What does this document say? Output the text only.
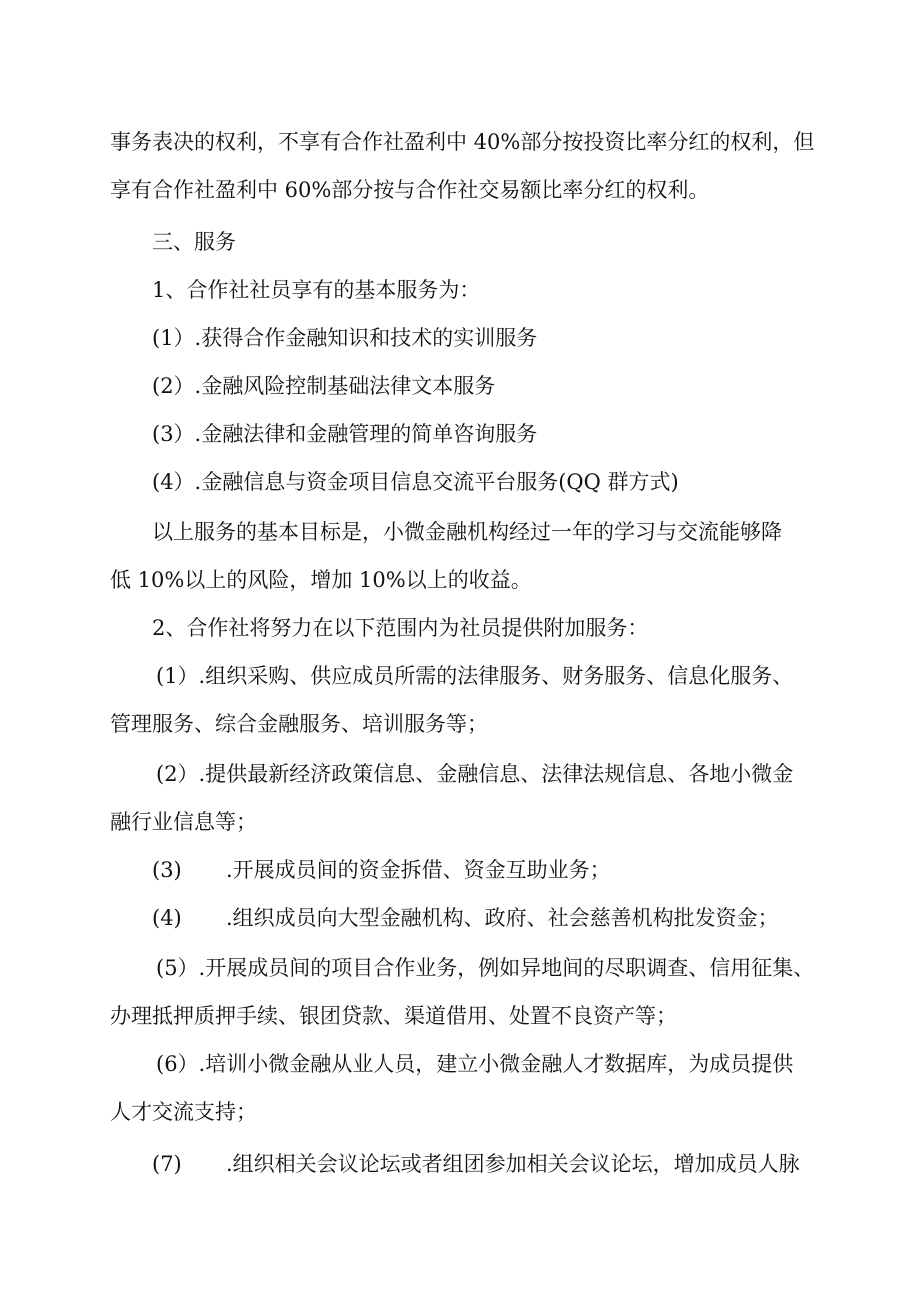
事务表决的权利，不享有合作社盈利中 40%部分按投资比率分红的权利，但
享有合作社盈利中 60%部分按与合作社交易额比率分红的权利。
三、服务
1、合作社社员享有的基本服务为：
(1）.获得合作金融知识和技术的实训服务
(2）.金融风险控制基础法律文本服务
(3）.金融法律和金融管理的简单咨询服务
(4）.金融信息与资金项目信息交流平台服务(QQ 群方式)
以上服务的基本目标是，小微金融机构经过一年的学习与交流能够降
低 10%以上的风险，增加 10%以上的收益。
2、合作社将努力在以下范围内为社员提供附加服务：
(1）.组织采购、供应成员所需的法律服务、财务服务、信息化服务、
管理服务、综合金融服务、培训服务等；
(2）.提供最新经济政策信息、金融信息、法律法规信息、各地小微金
融行业信息等；
(3) .开展成员间的资金拆借、资金互助业务；
(4) .组织成员向大型金融机构、政府、社会慈善机构批发资金；
(5）.开展成员间的项目合作业务，例如异地间的尽职调查、信用征集、
办理抵押质押手续、银团贷款、渠道借用、处置不良资产等；
(6）.培训小微金融从业人员，建立小微金融人才数据库，为成员提供
人才交流支持；
(7) .组织相关会议论坛或者组团参加相关会议论坛，增加成员人脉
